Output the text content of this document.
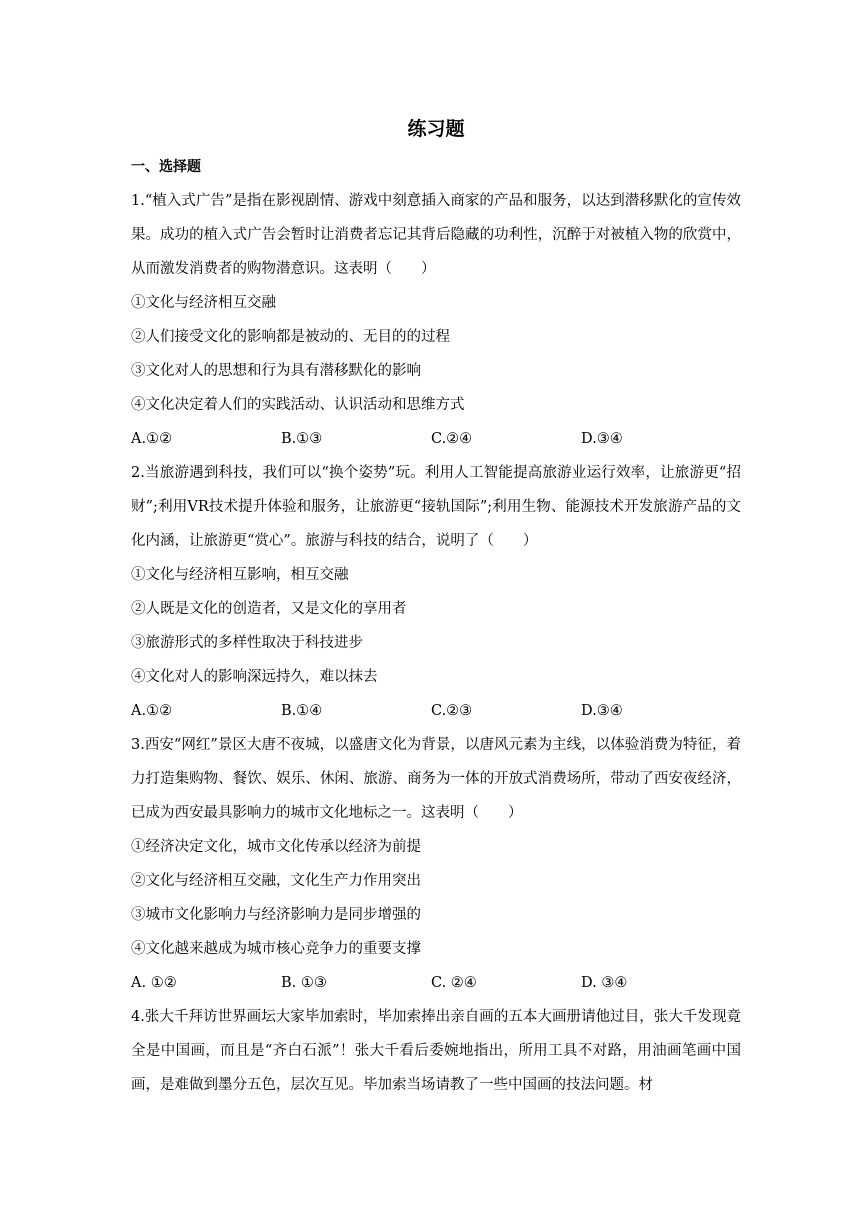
练习题
一、选择题

1.“植入式广告”是指在影视剧情、游戏中刻意插入商家的产品和服务，以达到潜移默化的宣传效果。成功的植入式广告会暂时让消费者忘记其背后隐藏的功利性，沉醉于对被植入物的欣赏中，从而激发消费者的购物潜意识。这表明（　　）

①文化与经济相互交融

②人们接受文化的影响都是被动的、无目的的过程

③文化对人的思想和行为具有潜移默化的影响

④文化决定着人们的实践活动、认识活动和思维方式

A.①②	B.①③	C.②④	D.③④

2.当旅游遇到科技，我们可以“换个姿势”玩。利用人工智能提高旅游业运行效率，让旅游更“招财”;利用VR技术提升体验和服务，让旅游更“接轨国际”;利用生物、能源技术开发旅游产品的文化内涵，让旅游更“赏心”。旅游与科技的结合，说明了（　　）

①文化与经济相互影响，相互交融

②人既是文化的创造者，又是文化的享用者

③旅游形式的多样性取决于科技进步

④文化对人的影响深远持久，难以抹去

A.①②	B.①④	C.②③	D.③④

3.西安“网红”景区大唐不夜城，以盛唐文化为背景，以唐风元素为主线，以体验消费为特征，着力打造集购物、餐饮、娱乐、休闲、旅游、商务为一体的开放式消费场所，带动了西安夜经济，已成为西安最具影响力的城市文化地标之一。这表明（　　）

①经济决定文化，城市文化传承以经济为前提

②文化与经济相互交融，文化生产力作用突出

③城市文化影响力与经济影响力是同步增强的

④文化越来越成为城市核心竞争力的重要支撑

A. ①②	B. ①③	C. ②④	D. ③④

4.张大千拜访世界画坛大家毕加索时，毕加索捧出亲自画的五本大画册请他过目，张大千发现竟全是中国画，而且是“齐白石派”！张大千看后委婉地指出，所用工具不对路，用油画笔画中国画，是难做到墨分五色，层次互见。毕加索当场请教了一些中国画的技法问题。材
